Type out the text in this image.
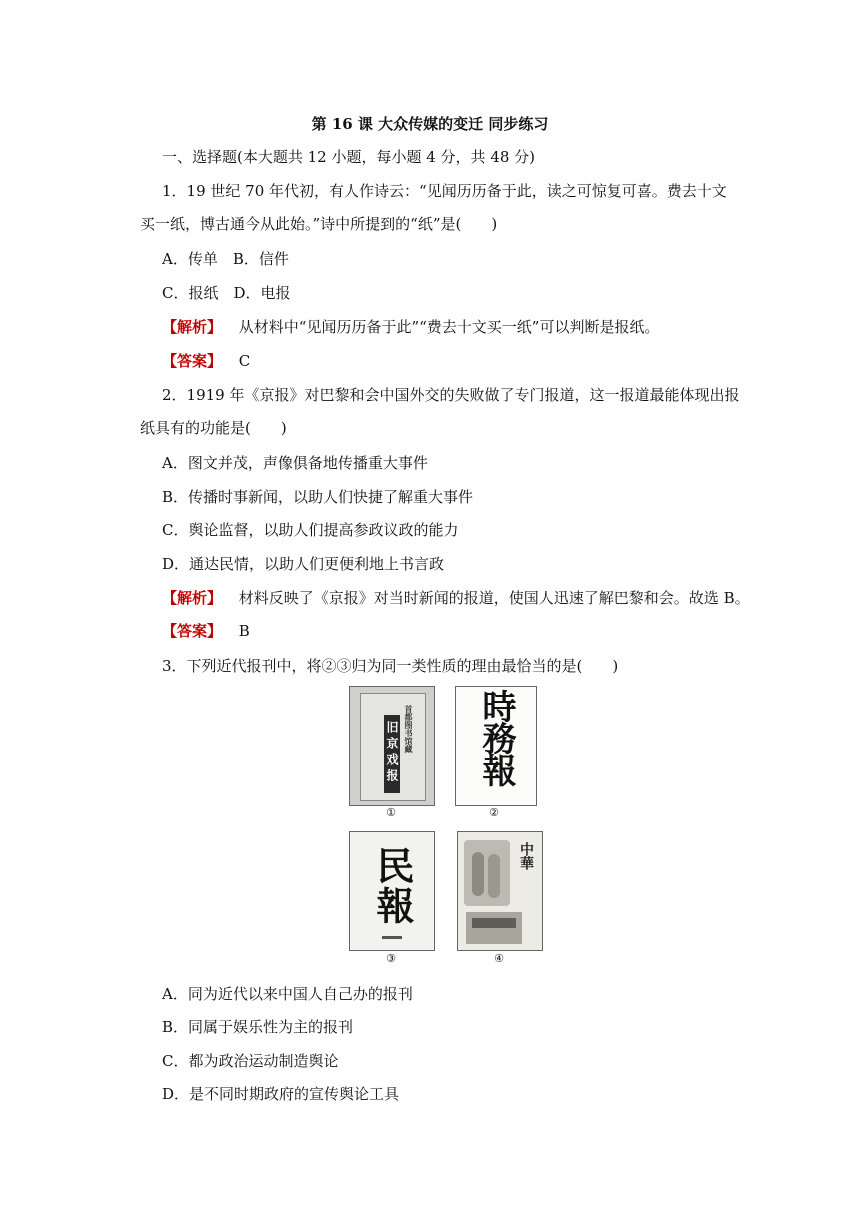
第 16 课 大众传媒的变迁 同步练习
一、选择题(本大题共 12 小题，每小题 4 分，共 48 分)
1．19 世纪 70 年代初，有人作诗云：“见闻历历备于此，读之可惊复可喜。费去十文
买一纸，博古通今从此始。”诗中所提到的“纸”是(　　)
A．传单　B．信件
C．报纸　D．电报
【解析】 从材料中“见闻历历备于此”“费去十文买一纸”可以判断是报纸。
【答案】 C
2．1919 年《京报》对巴黎和会中国外交的失败做了专门报道，这一报道最能体现出报
纸具有的功能是(　　)
A．图文并茂，声像俱备地传播重大事件
B．传播时事新闻，以助人们快捷了解重大事件
C．舆论监督，以助人们提高参政议政的能力
D．通达民情，以助人们更便利地上书言政
【解析】 材料反映了《京报》对当时新闻的报道，使国人迅速了解巴黎和会。故选 B。
【答案】 B
3．下列近代报刊中，将②③归为同一类性质的理由最恰当的是(　　)
旧京戏报 首都图书馆藏
①
時務報
②
民報
③
中華
④
A．同为近代以来中国人自己办的报刊
B．同属于娱乐性为主的报刊
C．都为政治运动制造舆论
D．是不同时期政府的宣传舆论工具
